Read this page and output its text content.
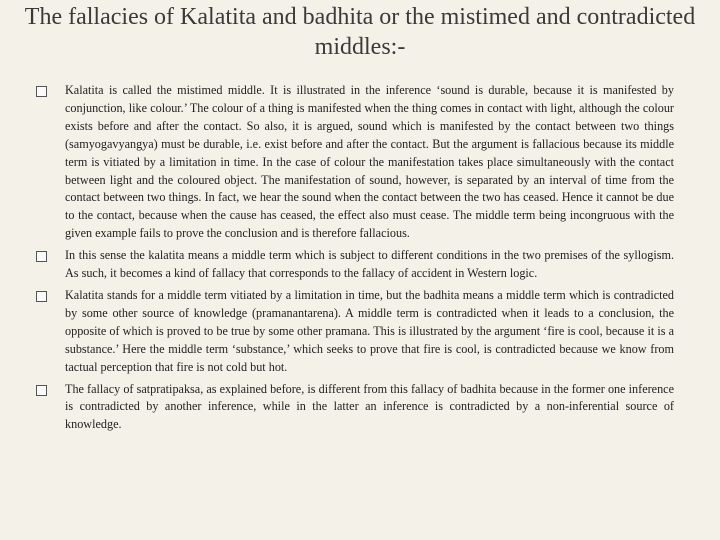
The fallacies of Kalatita and badhita or the mistimed and contradicted middles:-
Kalatita is called the mistimed middle. It is illustrated in the inference ‘sound is durable, because it is manifested by conjunction, like colour.’ The colour of a thing is manifested when the thing comes in contact with light, although the colour exists before and after the contact. So also, it is argued, sound which is manifested by the contact between two things (samyogavyangya) must be durable, i.e. exist before and after the contact. But the argument is fallacious because its middle term is vitiated by a limitation in time. In the case of colour the manifestation takes place simultaneously with the contact between light and the coloured object. The manifestation of sound, however, is separated by an interval of time from the contact between two things. In fact, we hear the sound when the contact between the two has ceased. Hence it cannot be due to the contact, because when the cause has ceased, the effect also must cease. The middle term being incongruous with the given example fails to prove the conclusion and is therefore fallacious.
In this sense the kalatita means a middle term which is subject to different conditions in the two premises of the syllogism. As such, it becomes a kind of fallacy that corresponds to the fallacy of accident in Western logic.
Kalatita stands for a middle term vitiated by a limitation in time, but the badhita means a middle term which is contradicted by some other source of knowledge (pramanantarena). A middle term is contradicted when it leads to a conclusion, the opposite of which is proved to be true by some other pramana. This is illustrated by the argument ‘fire is cool, because it is a substance.’ Here the middle term ‘substance,’ which seeks to prove that fire is cool, is contradicted because we know from tactual perception that fire is not cold but hot.
The fallacy of satpratipaksa, as explained before, is different from this fallacy of badhita because in the former one inference is contradicted by another inference, while in the latter an inference is contradicted by a non-inferential source of knowledge.
